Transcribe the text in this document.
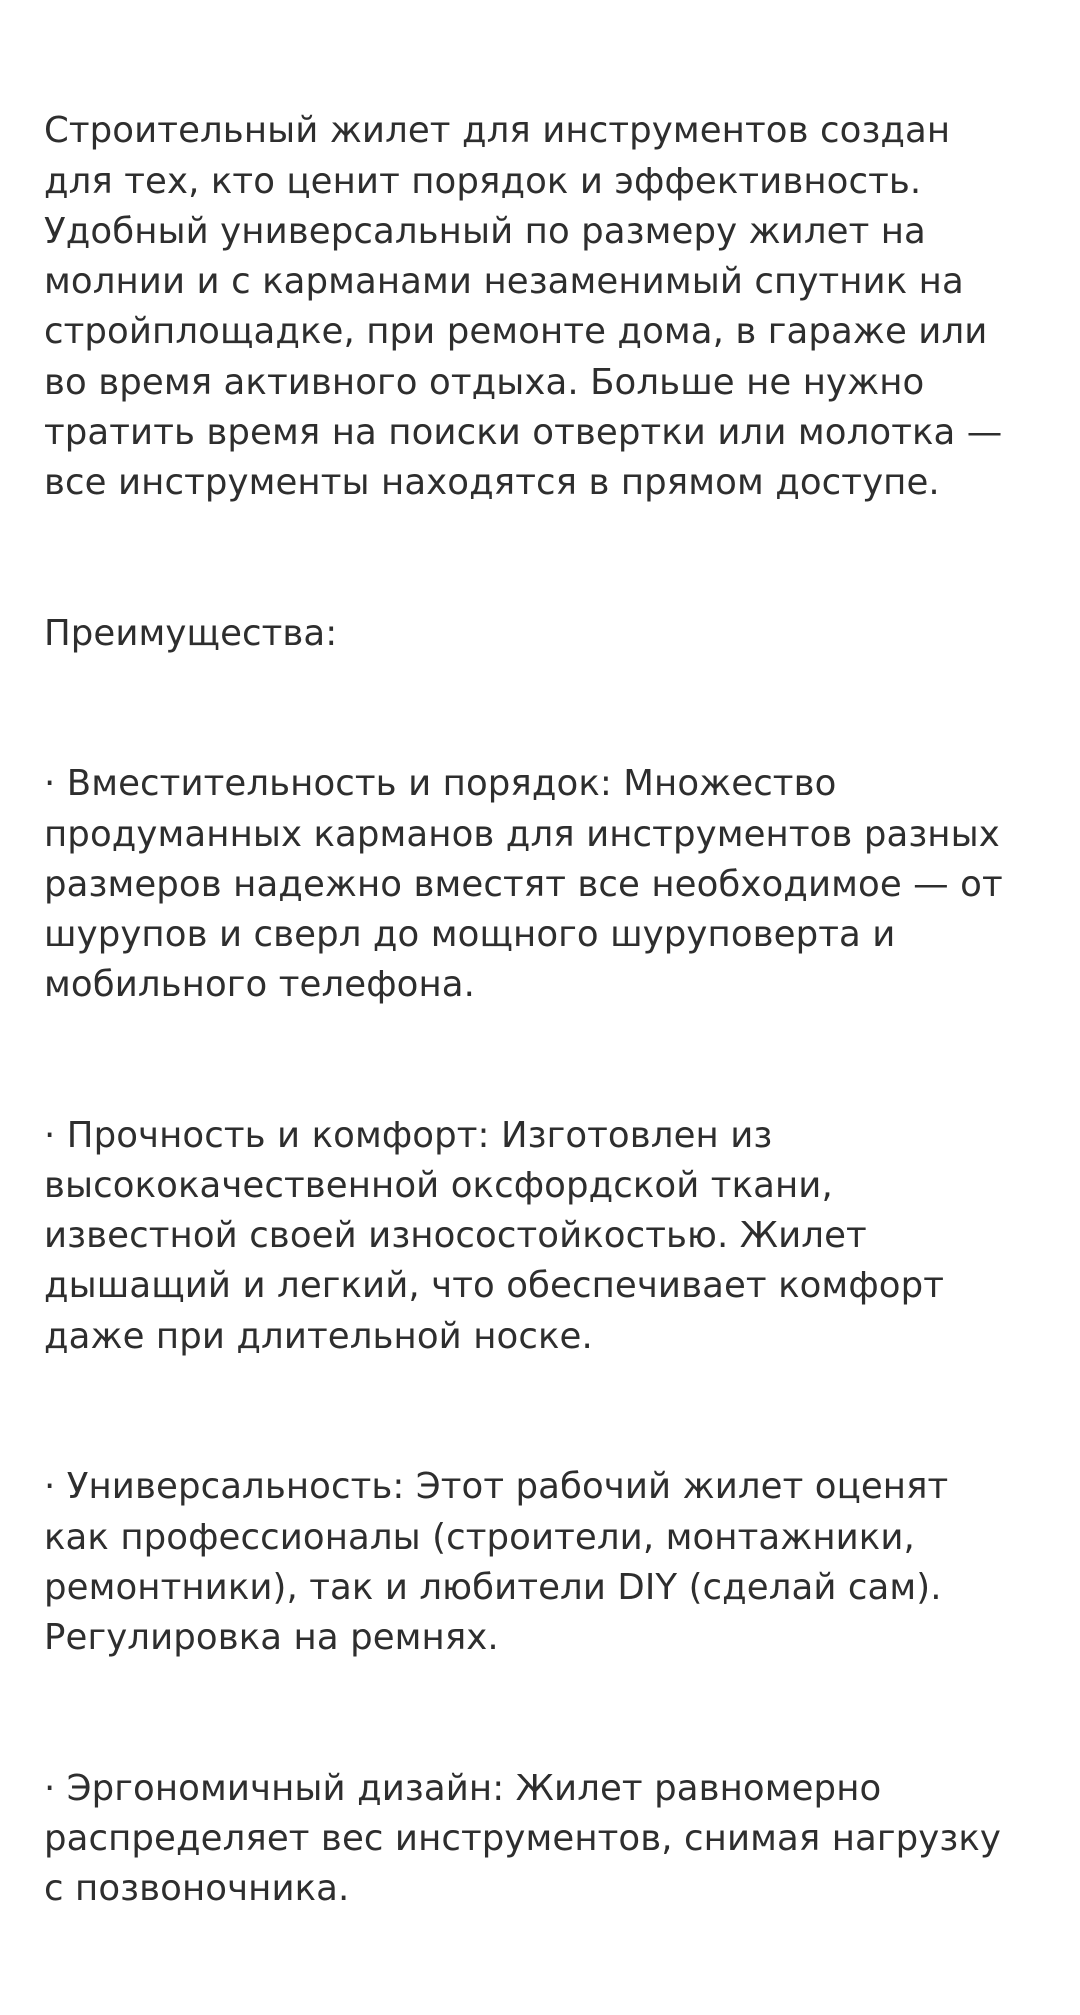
Строительный жилет для инструментов создан для тех, кто ценит порядок и эффективность. Удобный универсальный по размеру жилет на молнии и с карманами незаменимый спутник на стройплощадке, при ремонте дома, в гараже или во время активного отдыха. Больше не нужно тратить время на поиски отвертки или молотка — все инструменты находятся в прямом доступе.

Преимущества:

· Вместительность и порядок: Множество продуманных карманов для инструментов разных размеров надежно вместят все необходимое — от шурупов и сверл до мощного шуруповерта и мобильного телефона.

· Прочность и комфорт: Изготовлен из высококачественной оксфордской ткани, известной своей износостойкостью. Жилет дышащий и легкий, что обеспечивает комфорт даже при длительной носке.

· Универсальность: Этот рабочий жилет оценят как профессионалы (строители, монтажники, ремонтники), так и любители DIY (сделай сам). Регулировка на ремнях.

· Эргономичный дизайн: Жилет равномерно распределяет вес инструментов, снимая нагрузку с позвоночника.
